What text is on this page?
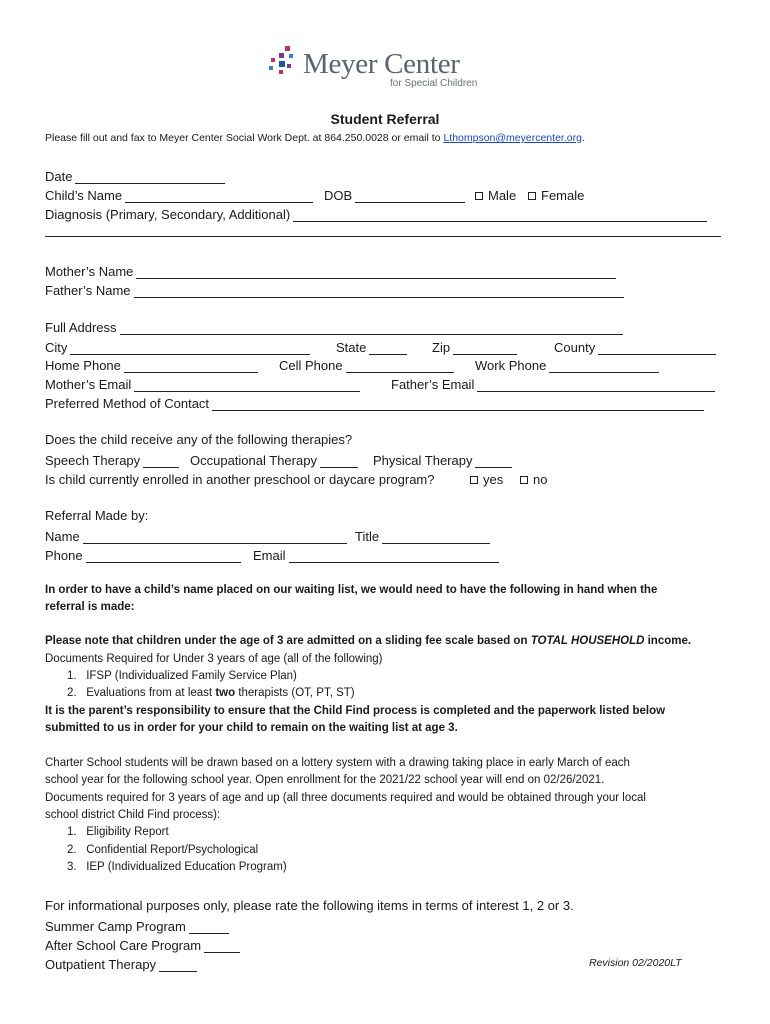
Meyer Center
for Special Children
Student Referral
Please fill out and fax to Meyer Center Social Work Dept. at 864.250.0028 or email to Lthompson@meyercenter.org.
Date
Child’s Name	DOB	Male Female
Diagnosis (Primary, Secondary, Additional)
Mother’s Name
Father’s Name
Full Address
City	State	Zip	County
Home Phone	Cell Phone	Work Phone
Mother’s Email	Father’s Email
Preferred Method of Contact
Does the child receive any of the following therapies?
Speech Therapy	Occupational Therapy	Physical Therapy
Is child currently enrolled in another preschool or daycare program?	yes no
Referral Made by:
Name	Title
Phone	Email
In order to have a child’s name placed on our waiting list, we would need to have the following in hand when the
referral is made:
Please note that children under the age of 3 are admitted on a sliding fee scale based on TOTAL HOUSEHOLD income.
Documents Required for Under 3 years of age (all of the following)
1.   IFSP (Individualized Family Service Plan)
2.   Evaluations from at least two therapists (OT, PT, ST)
It is the parent’s responsibility to ensure that the Child Find process is completed and the paperwork listed below
submitted to us in order for your child to remain on the waiting list at age 3.
Charter School students will be drawn based on a lottery system with a drawing taking place in early March of each
school year for the following school year. Open enrollment for the 2021/22 school year will end on 02/26/2021.
Documents required for 3 years of age and up (all three documents required and would be obtained through your local
school district Child Find process):
1.   Eligibility Report
2.   Confidential Report/Psychological
3.   IEP (Individualized Education Program)
For informational purposes only, please rate the following items in terms of interest 1, 2 or 3.
Summer Camp Program
After School Care Program
Outpatient Therapy	Revision 02/2020LT
